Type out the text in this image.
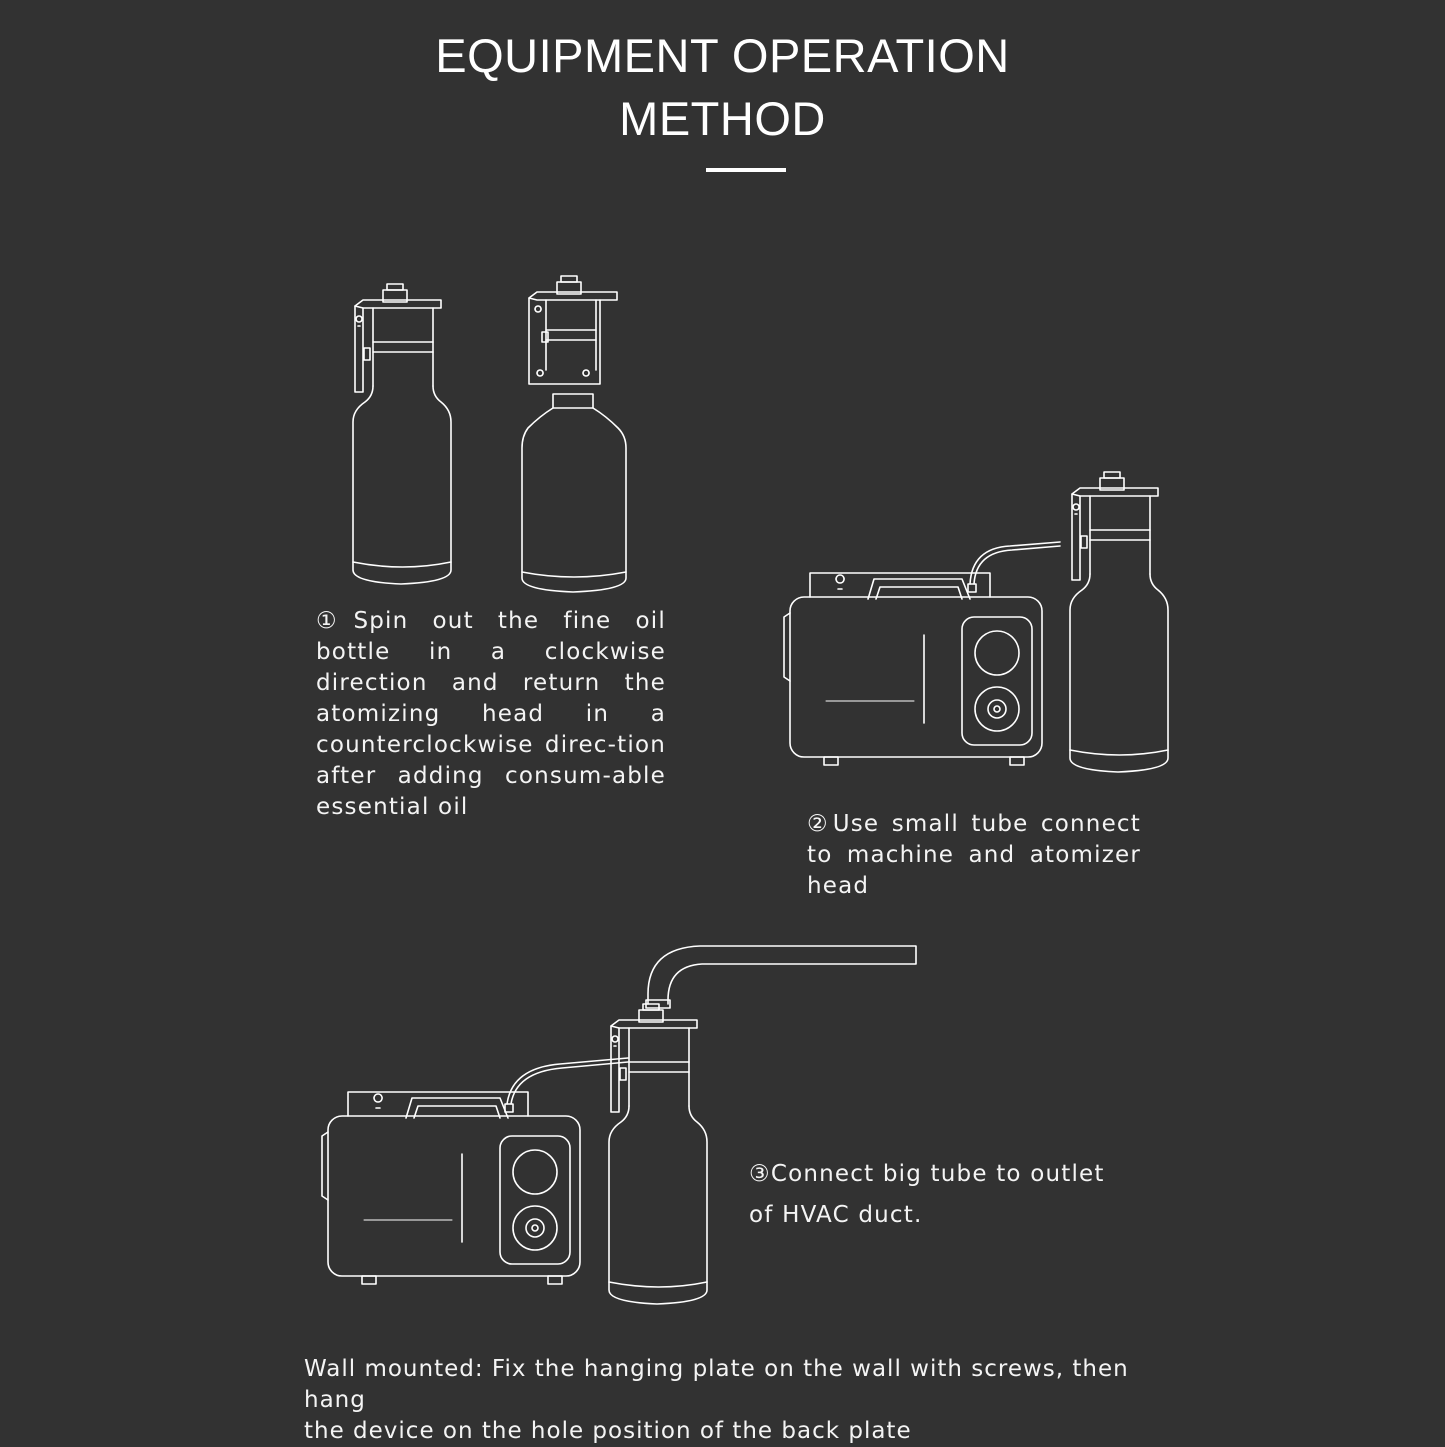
EQUIPMENT OPERATION
METHOD
①Spin out the fine oil bottle in a clockwise direction and return the atomizing head in a counterclockwise direc-tion after adding consum-able essential oil
②Use small tube connect to machine and atomizer head
③Connect big tube to outlet
of HVAC duct.
Wall mounted: Fix the hanging plate on the wall with screws, then hang
the device on the hole position of the back plate
